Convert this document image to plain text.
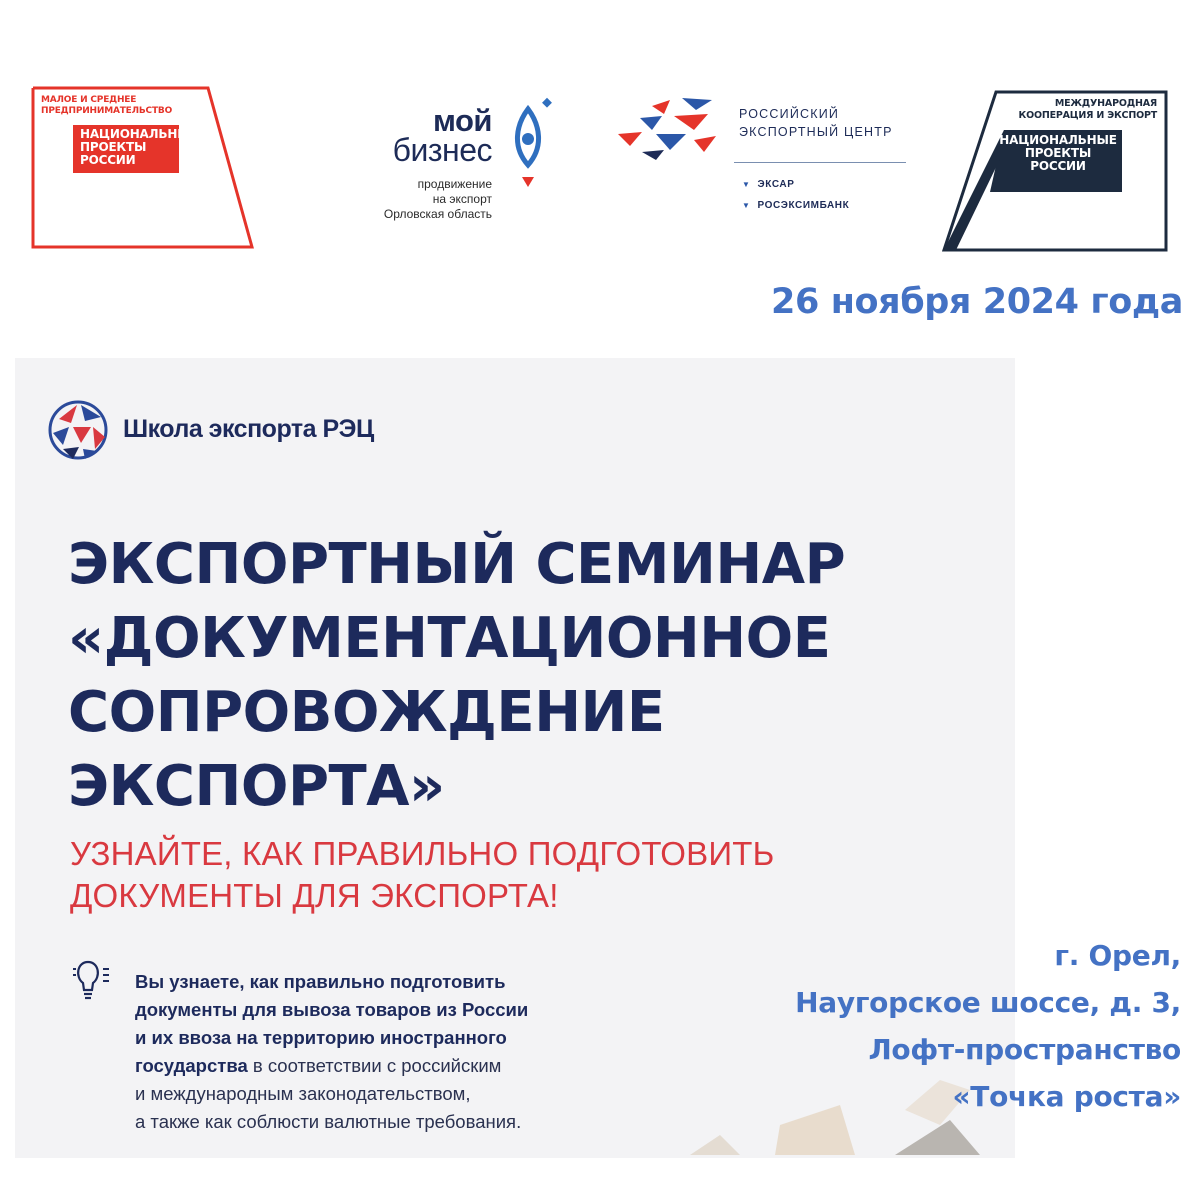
МАЛОЕ И СРЕДНЕЕ
ПРЕДПРИНИМАТЕЛЬСТВО
НАЦИОНАЛЬНЫЕ
ПРОЕКТЫ
РОССИИ
мой
бизнес
продвижение
на экспорт
Орловская область
РОССИЙСКИЙ
ЭКСПОРТНЫЙ ЦЕНТР
▼ ЭКСАР
▼ РОСЭКСИМБАНК
МЕЖДУНАРОДНАЯ
КООПЕРАЦИЯ И ЭКСПОРТ
НАЦИОНАЛЬНЫЕ
ПРОЕКТЫ
РОССИИ
26 ноября 2024 года
Школа экспорта РЭЦ
ЭКСПОРТНЫЙ СЕМИНАР
«ДОКУМЕНТАЦИОННОЕ
СОПРОВОЖДЕНИЕ
ЭКСПОРТА»
УЗНАЙТЕ, КАК ПРАВИЛЬНО ПОДГОТОВИТЬ
ДОКУМЕНТЫ ДЛЯ ЭКСПОРТА!
Вы узнаете, как правильно подготовить
документы для вывоза товаров из России
и их ввоза на территорию иностранного
государства в соответствии с российским
и международным законодательством,
а также как соблюсти валютные требования.
г. Орел,
Наугорское шоссе, д. 3,
Лофт-пространство
«Точка роста»
